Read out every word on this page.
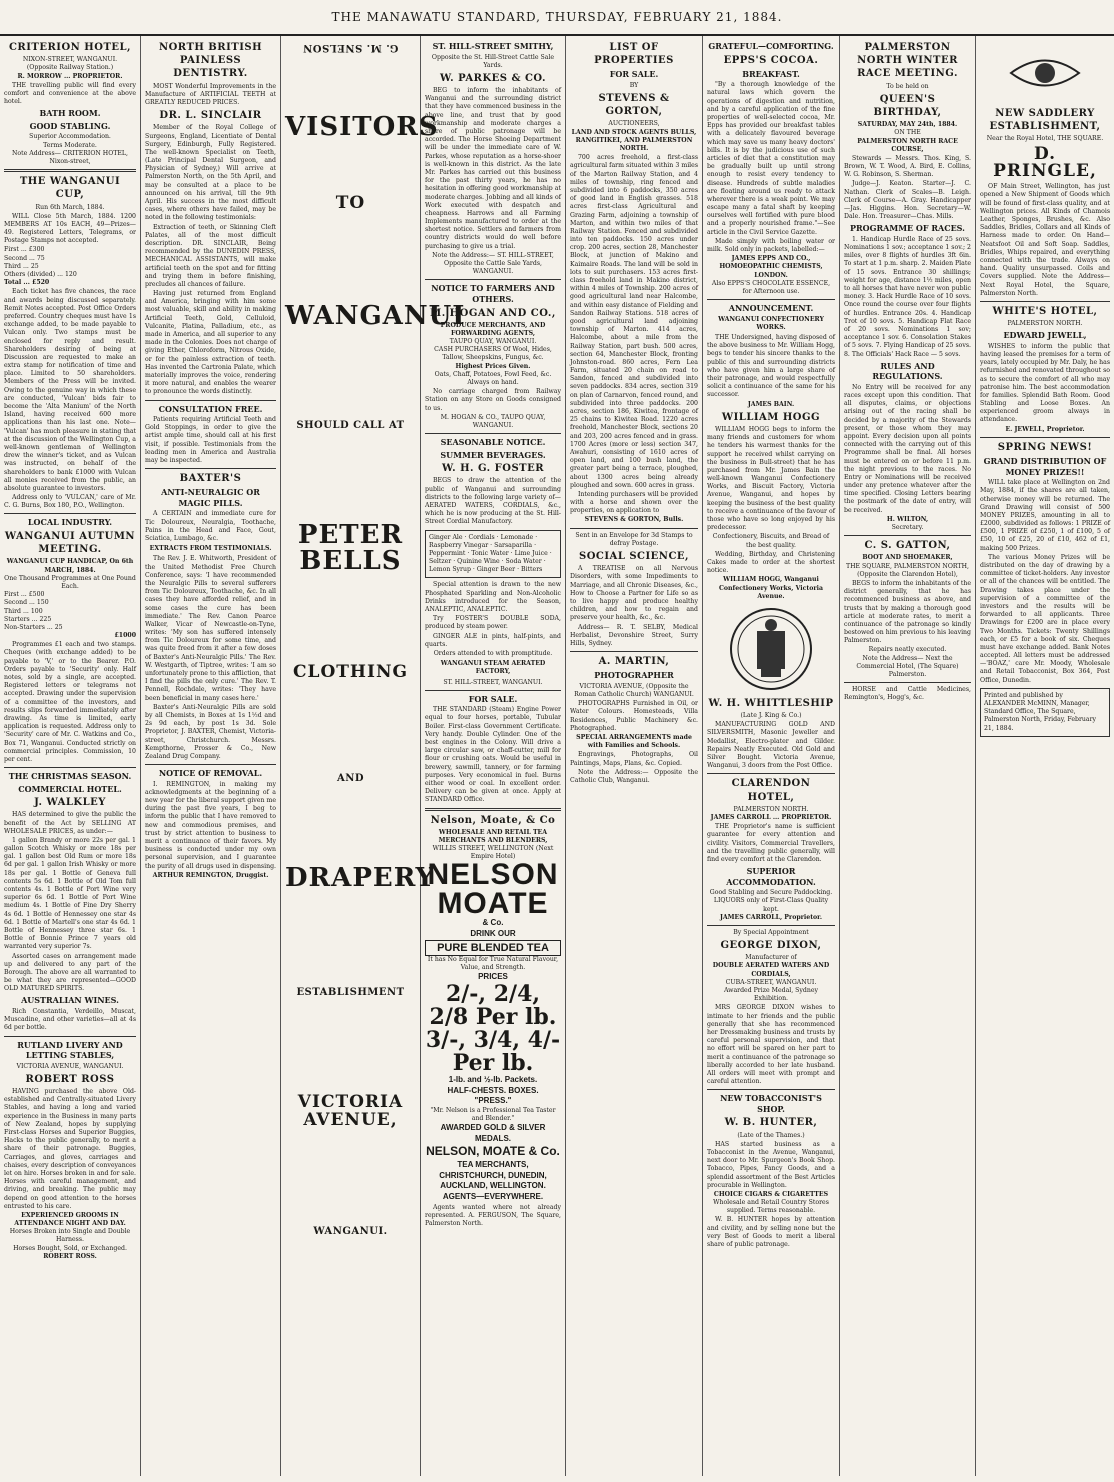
THE MANAWATU STANDARD, THURSDAY, FEBRUARY 21, 1884.
CRITERION HOTEL,
NIXON-STREET, WANGANUI.
(Opposite Railway Station.)
R. MORROW ... PROPRIETOR.

THE travelling public will find every comfort and convenience at the above hotel.

BATH ROOM.
GOOD STABLING.
Superior Accommodation.
Terms Moderate.
Note Address— CRITERION HOTEL, Nixon-street,
THE WANGANUI CUP,
Run 6th March, 1884.

WILL Close 5th March, 1884. 1200 MEMBERS AT 10s EACH, 49—Prizes—49. Registered Letters, Telegrams, or Postage Stamps not accepted.

First ... £300
Second ... 75
Third ... 25
Others (divided) ... 120
Total ... £520

Each ticket has five chances, the race and awards being discussed separately. Remit Notes accepted. Post Office Orders preferred. Country cheques must have 1s exchange added, to be made payable to Vulcan only. Two stamps must be enclosed for reply and result. Shareholders desiring of being at Discussion are requested to make an extra stamp for notification of time and place. Limited to 50 shareholders. Members of the Press will be invited. Owing to the genuine way in which these are conducted, 'Vulcan' bids fair to become the 'Alta Manium' of the North Island, having received 600 more applications than his last one. Note— 'Vulcan' has much pleasure in stating that at the discussion of the Wellington Cup, a well-known gentleman of Wellington drew the winner's ticket, and as Vulcan was instructed, on behalf of the shareholders to bank £1000 with Vulcan all monies received from the public, an absolute guarantee to investors.

Address only to 'VULCAN,' care of Mr. C. G. Burns, Box 180, P.O., Wellington.

LOCAL INDUSTRY.
WANGANUI AUTUMN MEETING.
WANGANUI CUP HANDICAP, On 6th MARCH, 1884.
One Thousand Programmes at One Pound Each.
First ... £500
Second ... 150
Third ... 100
Starters ... 225
Non-Starters ... 25
£1000

Programmes £1 each and two stamps. Cheques (with exchange added) to be payable to 'V,' or to the Bearer. P.O. Orders payable to 'Security' only. Half notes, sold by a single, are accepted. Registered letters or telegrams not accepted. Drawing under the supervision of a committee of the investors, and results slips forwarded immediately after drawing. As time is limited, early application is requested. Address only to 'Security' care of Mr. C. Watkins and Co., Box 71, Wanganui. Conducted strictly on commercial principles. Commission, 10 per cent.

THE CHRISTMAS SEASON.
COMMERCIAL HOTEL.
J. WALKLEY

HAS determined to give the public the benefit of the Act by SELLING AT WHOLESALE PRICES, as under:—

1 gallon Brandy or more 22s per gal. 1 gallon Scotch Whisky or more 18s per gal. 1 gallon best Old Rum or more 18s 6d per gal. 1 gallon Irish Whisky or more 18s per gal. 1 Bottle of Geneva full contents 5s 6d. 1 Bottle of Old Tom full contents 4s. 1 Bottle of Port Wine very superior 6s 6d. 1 Bottle of Port Wine medium 4s. 1 Bottle of Fine Dry Sherry 4s 6d. 1 Bottle of Hennessey one star 4s 6d. 1 Bottle of Martell's one star 4s 6d. 1 Bottle of Hennessey three star 6s. 1 Bottle of Bonnie Prince 7 years old warranted very superior 7s.

Assorted cases on arrangement made up and delivered to any part of the Borough. The above are all warranted to be what they are represented—GOOD OLD MATURED SPIRITS.

AUSTRALIAN WINES.

Rich Constantia, Verdeillo, Muscat, Muscadine, and other varieties—all at 4s 6d per bottle.

RUTLAND LIVERY AND LETTING STABLES,
VICTORIA AVENUE, WANGANUI.
ROBERT ROSS

HAVING purchased the above Old-established and Centrally-situated Livery Stables, and having a long and varied experience in the Business in many parts of New Zealand, hopes by supplying First-class Horses and Superior Buggies, Hacks to the public generally, to merit a share of their patronage. Buggies, Carriages, and gloves, carriages and chaises, every description of conveyances let on hire. Horses broken in and for sale. Horses with careful management, and driving, and breaking. The public may depend on good attention to the horses entrusted to his care.

EXPERIENCED GROOMS IN ATTENDANCE NIGHT AND DAY.
Horses Broken into Single and Double Harness.
Horses Bought, Sold, or Exchanged.
ROBERT ROSS.
NORTH BRITISH PAINLESS DENTISTRY.

MOST Wonderful Improvements in the Manufacture of ARTIFICIAL TEETH at GREATLY REDUCED PRICES.

DR. L. SINCLAIR

Member of the Royal College of Surgeons, England, Licentiate of Dental Surgery, Edinburgh, Fully Registered. The well-known Specialist on Teeth, (Late Principal Dental Surgeon, and Physician of Sydney,) Will arrive at Palmerston North, on the 5th April, and may be consulted at a place to be announced on his arrival, till the 9th April. His success in the most difficult cases, where others have failed, may be noted in the following testimonials:

Extraction of teeth, or Skinning Cleft Palates, all of the most difficult description. DR. SINCLAIR, Being recommended by the DUNEDIN PRESS, MECHANICAL ASSISTANTS, will make artificial teeth on the spot and for fitting and trying them in before finishing, precludes all chances of failure.

Having just returned from England and America, bringing with him some most valuable, skill and ability in making Artificial Teeth, Gold, Celluloid, Vulcanite, Platina, Palladium, etc., as made in America, and all superior to any made in the Colonies. Does not charge of giving Ether, Chloroform, Nitrous Oxide, or for the painless extraction of teeth. Has invented the Cartronia Palate, which materially improves the voice, rendering it more natural, and enables the wearer to pronounce the words distinctly.

CONSULTATION FREE.

Patients requiring Artificial Teeth and Gold Stoppings, in order to give the artist ample time, should call at his first visit, if possible. Testimonials from the leading men in America and Australia may be inspected.

BAXTER'S
ANTI-NEURALGIC OR MAGIC PILLS.

A CERTAIN and immediate cure for Tic Doloureux, Neuralgia, Toothache, Pains in the Head and Face, Gout, Sciatica, Lumbago, &c.

EXTRACTS FROM TESTIMONIALS.

The Rev. J. E. Whitworth, President of the United Methodist Free Church Conference, says: 'I have recommended the Neuralgic Pills to several sufferers from Tic Doloureux, Toothache, &c. In all cases they have afforded relief, and in some cases the cure has been immediate.' The Rev. Canon Pearce Walker, Vicar of Newcastle-on-Tyne, writes: 'My son has suffered intensely from Tic Doloureux for some time, and was quite freed from it after a few doses of Baxter's Anti-Neuralgic Pills.' The Rev. W. Westgarth, of Tiptree, writes: 'I am so unfortunately prone to this affliction, that I find the pills the only cure.' The Rev. T. Pennell, Rochdale, writes: 'They have been beneficial in many cases here.'

Baxter's Anti-Neuralgic Pills are sold by all Chemists, in Boxes at 1s 1½d and 2s 9d each, by post 1s 3d. Sole Proprietor, J. BAXTER, Chemist, Victoria-street, Christchurch. Messrs. Kempthorne, Prosser & Co., New Zealand Drug Company.

NOTICE OF REMOVAL.

I. REMINGTON, in making my acknowledgments at the beginning of a new year for the liberal support given me during the past five years, I beg to inform the public that I have removed to new and commodious premises, and trust by strict attention to business to merit a continuance of their favors. My business is conducted under my own personal supervision, and I guarantee the purity of all drugs used in dispensing.

ARTHUR REMINGTON, Druggist.
G. M. SNELSON
VISITORS
TO
WANGANUI
SHOULD CALL AT
PETER BELLS
CLOTHING
AND
DRAPERY
ESTABLISHMENT
VICTORIA AVENUE,
WANGANUI.
ST. HILL-STREET SMITHY,
Opposite the St. Hill-Street Cattle Sale Yards.
W. PARKES & CO.

BEG to inform the inhabitants of Wanganui and the surrounding district that they have commenced business in the above line, and trust that by good workmanship and moderate charges a share of public patronage will be accorded. The Horse Shoeing Department will be under the immediate care of W. Parkes, whose reputation as a horse-shoer is well-known in this district. As the late Mr. Parkes has carried out this business for the past thirty years, he has no hesitation in offering good workmanship at moderate charges. Jobbing and all kinds of Work executed with despatch and cheapness. Harrows and all Farming Implements manufactured to order at the shortest notice. Settlers and farmers from country districts would do well before purchasing to give us a trial.

Note the Address:— ST. HILL-STREET, Opposite the Cattle Sale Yards, WANGANUI.
NOTICE TO FARMERS AND OTHERS.
M. HOGAN AND CO.,
PRODUCE MERCHANTS, AND FORWARDING AGENTS,
TAUPO QUAY, WANGANUI.
CASH PURCHASERS Of Wool, Hides, Tallow, Sheepskins, Fungus, &c.
Highest Prices Given.
Oats, Chaff, Potatoes, Fowl Feed, &c. Always on hand.

No carriage charged from Railway Station on any Store on Goods consigned to us.

M. HOGAN & CO., TAUPO QUAY, WANGANUI.
SEASONABLE NOTICE.
SUMMER BEVERAGES.
W. H. G. FOSTER

BEGS to draw the attention of the public of Wanganui and surrounding districts to the following large variety of— AERATED WATERS, CORDIALS, &c., which he is now producing at the St. Hill-Street Cordial Manufactory.

Ginger Ale · Cordials · Lemonade · Raspberry Vinegar · Sarsaparilla · Peppermint · Tonic Water · Lime Juice · Seltzer · Quinine Wine · Soda Water · Lemon Syrup · Ginger Beer · Bitters

Special attention is drawn to the new Phosphated Sparkling and Non-Alcoholic Drinks introduced for the Season, ANALEPTIC, ANALEPTIC.

Try FOSTER'S DOUBLE SODA, produced by steam power.

GINGER ALE in pints, half-pints, and quarts.

Orders attended to with promptitude.
WANGANUI STEAM AERATED FACTORY,
ST. HILL-STREET, WANGANUI.
FOR SALE.

THE STANDARD (Steam) Engine Power equal to four horses, portable, Tubular Boiler. First-class Government Certificate. Very handy. Double Cylinder. One of the best engines in the Colony. Will drive a large circular saw, or chaff-cutter, mill for flour or crushing oats. Would be useful in brewery, sawmill, tannery, or for farming purposes. Very economical in fuel. Burns either wood or coal. In excellent order. Delivery can be given at once. Apply at STANDARD Office.

Nelson, Moate, & Co
WHOLESALE AND RETAIL TEA MERCHANTS AND BLENDERS,
WILLIS STREET, WELLINGTON (Next Empire Hotel)
NELSON MOATE
& Co.
DRINK OUR
PURE BLENDED TEA
It has No Equal for True Natural Flavour, Value, and Strength.
PRICES
2/-, 2/4, 2/8 Per lb.
3/-, 3/4, 4/- Per lb.
1-lb. and ½-lb. Packets.
HALF-CHESTS. BOXES.
"PRESS."
"Mr. Nelson is a Professional Tea Taster and Blender."
AWARDED GOLD & SILVER MEDALS.
NELSON, MOATE & Co.
TEA MERCHANTS,
CHRISTCHURCH, DUNEDIN, AUCKLAND, WELLINGTON.
AGENTS—EVERYWHERE.

Agents wanted where not already represented. A. FERGUSON, The Square, Palmerston North.

LIST OF PROPERTIES
FOR SALE.
BY
STEVENS & GORTON,
AUCTIONEERS,
LAND AND STOCK AGENTS BULLS, RANGITIKEI, AND PALMERSTON NORTH.

700 acres freehold, a first-class agricultural farm situated within 3 miles of the Marton Railway Station, and 4 miles of township, ring fenced and subdivided into 6 paddocks, 350 acres of good land in English grasses. 518 acres first-class Agricultural and Grazing Farm, adjoining a township of Marton, and within two miles of that Railway Station. Fenced and subdivided into ten paddocks. 150 acres under crop. 200 acres, section 28, Manchester Block, at junction of Makino and Kaimaire Roads. The land will be sold in lots to suit purchasers. 153 acres first-class freehold land in Makino district, within 4 miles of Township. 200 acres of good agricultural land near Halcombe, and within easy distance of Fielding and Sandon Railway Stations. 518 acres of good agricultural land adjoining township of Marton. 414 acres, Halcombe, about a mile from the Railway Station, part bush. 500 acres, section 64, Manchester Block, fronting Johnston-road. 860 acres, Fern Lea Farm, situated 20 chain on road to Sandon, fenced and subdivided into seven paddocks. 834 acres, section 319 on plan of Carnarvon, fenced round, and subdivided into three paddocks. 200 acres, section 186, Kiwitea, frontage of 25 chains to Kiwitea Road. 1220 acres freehold, Manchester Block, sections 20 and 203, 200 acres fenced and in grass. 1700 Acres (more or less) section 347, Awahuri, consisting of 1610 acres of open land, and 100 bush land, the greater part being a terrace, ploughed, about 1300 acres being already ploughed and sown. 600 acres in grass.

Intending purchasers will be provided with a horse and shown over the properties, on application to

STEVENS & GORTON, Bulls.
Sent in an Envelope for 3d Stamps to defray Postage.
SOCIAL SCIENCE,

A TREATISE on all Nervous Disorders, with some Impediments to Marriage, and all Chronic Diseases, &c., How to Choose a Partner for Life so as to live happy and produce healthy children, and how to regain and preserve your health, &c., &c.

Address— R. T. SELBY, Medical Herbalist, Devonshire Street, Surry Hills, Sydney.

A. MARTIN,
PHOTOGRAPHER
VICTORIA AVENUE, (Opposite the Roman Catholic Church) WANGANUI.

PHOTOGRAPHS Furnished in Oil, or Water Colours. Homesteads, Villa Residences, Public Machinery &c. Photographed.

SPECIAL ARRANGEMENTS made with Families and Schools.

Engravings, Photographs, Oil Paintings, Maps, Plans, &c. Copied.

Note the Address:— Opposite the Catholic Club, Wanganui.

GRATEFUL—COMFORTING.
EPPS'S COCOA.
BREAKFAST.

"By a thorough knowledge of the natural laws which govern the operations of digestion and nutrition, and by a careful application of the fine properties of well-selected cocoa, Mr. Epps has provided our breakfast tables with a delicately flavoured beverage which may save us many heavy doctors' bills. It is by the judicious use of such articles of diet that a constitution may be gradually built up until strong enough to resist every tendency to disease. Hundreds of subtle maladies are floating around us ready to attack wherever there is a weak point. We may escape many a fatal shaft by keeping ourselves well fortified with pure blood and a properly nourished frame."—See article in the Civil Service Gazette.

Made simply with boiling water or milk. Sold only in packets, labelled:—

JAMES EPPS AND CO., HOMOEOPATHIC CHEMISTS, LONDON.
Also EPPS'S CHOCOLATE ESSENCE, for Afternoon use.
ANNOUNCEMENT.
WANGANUI CONFECTIONERY WORKS.

THE Undersigned, having disposed of the above business to Mr. William Hogg, begs to tender his sincere thanks to the public of this and surrounding districts who have given him a large share of their patronage, and would respectfully solicit a continuance of the same for his successor.

JAMES BAIN.
WILLIAM HOGG

WILLIAM HOGG begs to inform the many friends and customers for whom he tenders his warmest thanks for the support he received whilst carrying on the business in Bull-street) that he has purchased from Mr. James Bain the well-known Wanganui Confectionery Works, and Biscuit Factory, Victoria Avenue, Wanganui, and hopes by keeping the business of the best quality to receive a continuance of the favour of those who have so long enjoyed by his predecessor.

Confectionery, Biscuits, and Bread of the best quality.

Wedding, Birthday, and Christening Cakes made to order at the shortest notice.

WILLIAM HOGG, Wanganui Confectionery Works, Victoria Avenue.
W. H. WHITTLESHIP
(Late J. King & Co.)

MANUFACTURING GOLD AND SILVERSMITH, Masonic Jeweller and Medallist, Electro-plater and Gilder. Repairs Neatly Executed. Old Gold and Silver Bought. Victoria Avenue, Wanganui, 3 doors from the Post Office.

CLARENDON HOTEL,
PALMERSTON NORTH.
JAMES CARROLL ... PROPRIETOR.

THE Proprietor's name is sufficient guarantee for every attention and civility. Visitors, Commercial Travellers, and the travelling public generally, will find every comfort at the Clarendon.

SUPERIOR ACCOMMODATION.
Good Stabling and Secure Paddocking.
LIQUORS only of First-Class Quality kept.
JAMES CARROLL, Proprietor.
By Special Appointment
GEORGE DIXON,
Manufacturer of
DOUBLE AERATED WATERS AND CORDIALS,
CUBA-STREET, WANGANUI.
Awarded Prize Medal, Sydney Exhibition.

MRS GEORGE DIXON wishes to intimate to her friends and the public generally that she has recommenced her Dressmaking business and trusts by careful personal supervision, and that no effort will be spared on her part to merit a continuance of the patronage so liberally accorded to her late husband. All orders will meet with prompt and careful attention.

NEW TOBACCONIST'S SHOP.
W. B. HUNTER,
(Late of the Thames.)

HAS started business as a Tobacconist in the Avenue, Wanganui, next door to Mr. Spurgeon's Book Shop. Tobacco, Pipes, Fancy Goods, and a splendid assortment of the Best Articles procurable in Wellington.

CHOICE CIGARS & CIGARETTES
Wholesale and Retail Country Stores supplied. Terms reasonable.

W. B. HUNTER hopes by attention and civility, and by selling none but the very Best of Goods to merit a liberal share of public patronage.

PALMERSTON NORTH WINTER RACE MEETING.
To be held on
QUEEN'S BIRTHDAY,
SATURDAY, MAY 24th, 1884.
ON THE
PALMERSTON NORTH RACE COURSE,

Stewards — Messrs. Thos. King, S. Brown, W. T. Wood, A. Bird, E. Collins, W. G. Robinson, S. Sherman.

Judge—J. Keaton. Starter—J. C. Nathan. Clerk of Scales—B. Leigh. Clerk of Course—A. Gray. Handicapper—Jas. Higgins. Hon. Secretary—W. Dale. Hon. Treasurer—Chas. Mills.

PROGRAMME OF RACES.

1. Handicap Hurdle Race of 25 sovs. Nominations 1 sov.; acceptance 1 sov.; 2 miles, over 8 flights of hurdles 3ft 6in. To start at 1 p.m. sharp. 2. Maiden Plate of 15 sovs. Entrance 30 shillings; weight for age, distance 1½ miles, open to all horses that have never won public money. 3. Hack Hurdle Race of 10 sovs. Once round the course over four flights of hurdles. Entrance 20s. 4. Handicap Trot of 10 sovs. 5. Handicap Flat Race of 20 sovs. Nominations 1 sov; acceptance 1 sov. 6. Consolation Stakes of 5 sovs. 7. Flying Handicap of 25 sovs. 8. The Officials' Hack Race — 5 sovs.

RULES AND REGULATIONS.

No Entry will be received for any races except upon this condition. That all disputes, claims, or objections arising out of the racing shall be decided by a majority of the Stewards present, or those whom they may appoint. Every decision upon all points connected with the carrying out of this Programme shall be final. All horses must be entered on or before 11 p.m. the night previous to the races. No Entry or Nominations will be received under any pretence whatever after the time specified. Closing Letters bearing the postmark of the date of entry, will be received.

H. WILTON,
Secretary.
C. S. GATTON,
BOOT AND SHOEMAKER,
THE SQUARE, PALMERSTON NORTH, (Opposite the Clarendon Hotel),

BEGS to inform the inhabitants of the district generally, that he has recommenced business as above, and trusts that by making a thorough good article at moderate rates, to merit a continuance of the patronage so kindly bestowed on him previous to his leaving Palmerston.

Repairs neatly executed.
Note the Address— Next the Commercial Hotel, (The Square) Palmerston.

HORSE and Cattle Medicines, Remington's, Hogg's, &c.

NEW SADDLERY ESTABLISHMENT,
Near the Royal Hotel, THE SQUARE.
D. PRINGLE,

OF Main Street, Wellington, has just opened a New Shipment of Goods which will be found of first-class quality, and at Wellington prices. All Kinds of Chamois Leather, Sponges, Brushes, &c. Also Saddles, Bridles, Collars and all Kinds of Harness made to order. On Hand—Neatsfoot Oil and Soft Soap. Saddles, Bridles, Whips repaired, and everything connected with the trade. Always on hand. Quality unsurpassed. Coils and Covers supplied. Note the Address—Next Royal Hotel, the Square, Palmerston North.

WHITE'S HOTEL,
PALMERSTON NORTH.
EDWARD JEWELL,

WISHES to inform the public that having leased the premises for a term of years, lately occupied by Mr. Daly, he has refurnished and renovated throughout so as to secure the comfort of all who may patronise him. The best accommodation for families. Splendid Bath Room. Good Stabling and Loose Boxes. An experienced groom always in attendance.

E. JEWELL, Proprietor.
SPRING NEWS!
GRAND DISTRIBUTION OF MONEY PRIZES!!

WILL take place at Wellington on 2nd May, 1884, if the shares are all taken, otherwise money will be returned. The Grand Drawing will consist of 500 MONEY PRIZES, amounting in all to £2000, subdivided as follows: 1 PRIZE of £500, 1 PRIZE of £250, 1 of £100, 5 of £50, 10 of £25, 20 of £10, 462 of £1, making 500 Prizes.

The various Money Prizes will be distributed on the day of drawing by a committee of ticket-holders. Any investor or all of the chances will be entitled. The Drawing takes place under the supervision of a committee of the investors and the results will be forwarded to all applicants. Three Drawings for £200 are in place every Two Months. Tickets: Twenty Shillings each, or £5 for a book of six. Cheques must have exchange added. Bank Notes accepted. All letters must be addressed—'BOAZ,' care Mr. Moody, Wholesale and Retail Tobacconist, Box 364, Post Office, Dunedin.

Printed and published by ALEXANDER McMINN, Manager, Standard Office, The Square, Palmerston North, Friday, February 21, 1884.
